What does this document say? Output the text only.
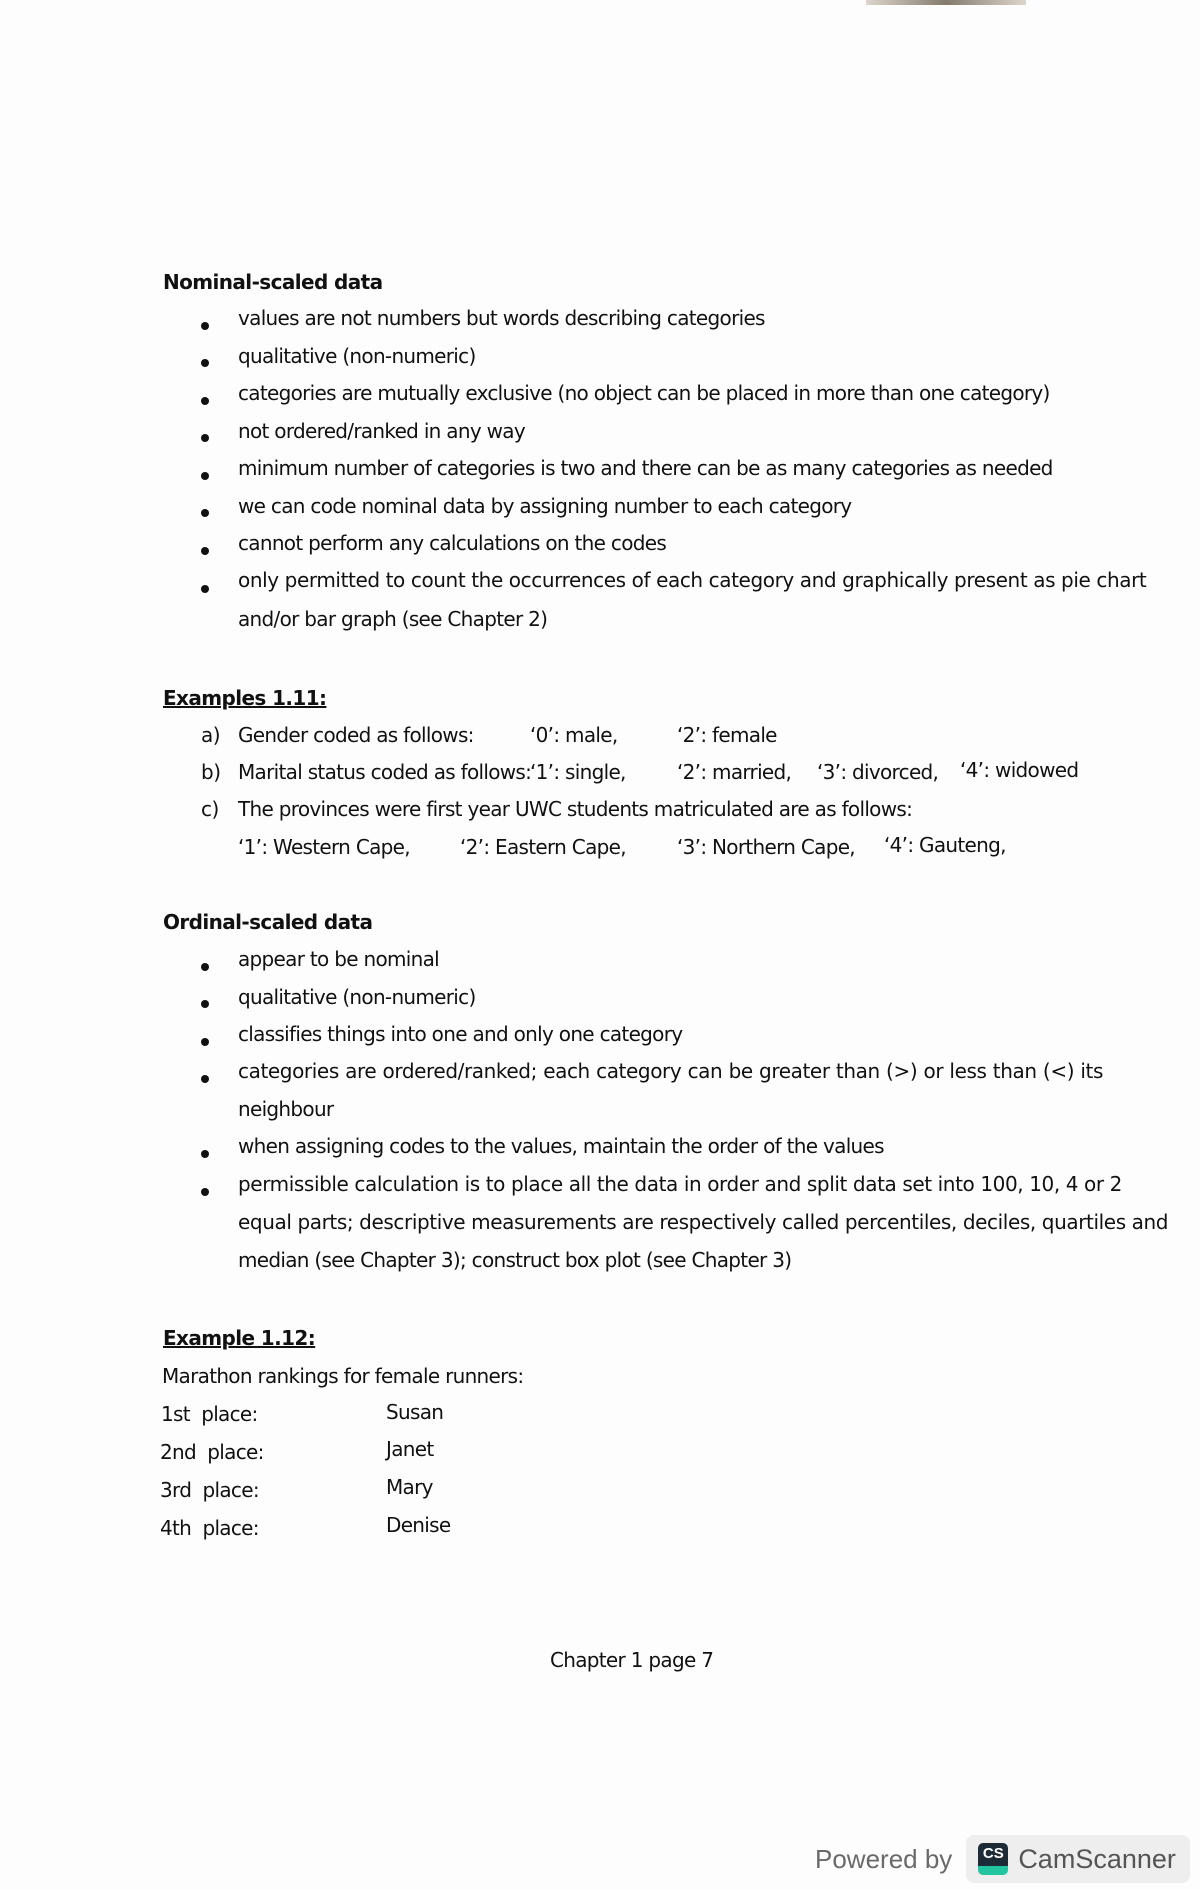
Nominal-scaled data
values are not numbers but words describing categories
qualitative (non-numeric)
categories are mutually exclusive (no object can be placed in more than one category)
not ordered/ranked in any way
minimum number of categories is two and there can be as many categories as needed
we can code nominal data by assigning number to each category
cannot perform any calculations on the codes
only permitted to count the occurrences of each category and graphically present as pie chart
and/or bar graph (see Chapter 2)
Examples 1.11:
a) Gender coded as follows:	‘0’: male,	‘2’: female
b) Marital status coded as follows:
‘1’: single,	‘2’: married, ‘3’: divorced, ‘4’: widowed
c) The provinces were first year UWC students matriculated are as follows:
‘1’: Western Cape,	‘2’: Eastern Cape,	‘3’: Northern Cape, ‘4’: Gauteng,
Ordinal-scaled data
appear to be nominal
qualitative (non-numeric)
classifies things into one and only one category
categories are ordered/ranked; each category can be greater than (>) or less than (<) its
neighbour
when assigning codes to the values, maintain the order of the values
permissible calculation is to place all the data in order and split data set into 100, 10, 4 or 2
equal parts; descriptive measurements are respectively called percentiles, deciles, quartiles and
median (see Chapter 3); construct box plot (see Chapter 3)
Example 1.12:
Marathon rankings for female runners:
1st  place:	Susan
2nd  place:	Janet
3rd  place:	Mary
4th  place:	Denise
Chapter 1 page 7
Powered by	CS CamScanner
